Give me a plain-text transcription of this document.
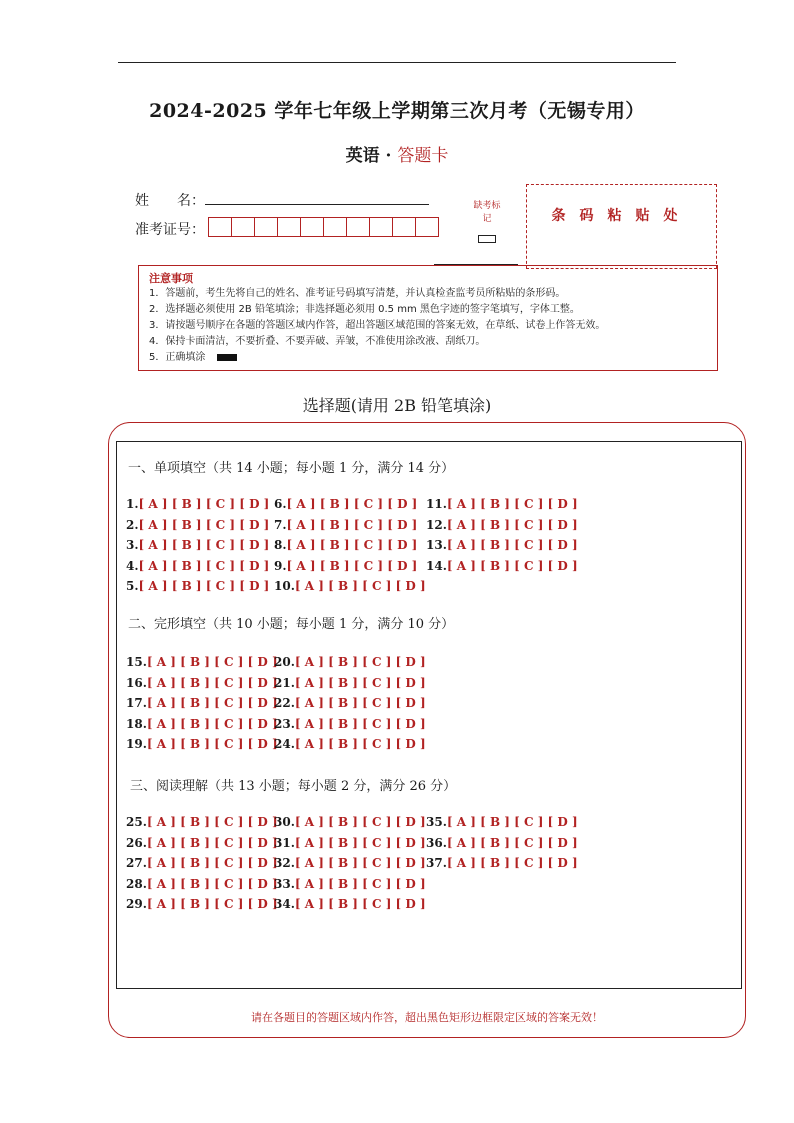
2024-2025 学年七年级上学期第三次月考（无锡专用）
英语 · 答题卡
姓　　名：
准考证号：
缺考标记	条码粘贴处
注意事项
1．答题前，考生先将自己的姓名、准考证号码填写清楚，并认真检查监考员所粘贴的条形码。
2．选择题必须使用 2B 铅笔填涂；非选择题必须用 0.5 mm 黑色字迹的签字笔填写，字体工整。
3．请按题号顺序在各题的答题区域内作答，超出答题区域范围的答案无效，在草纸、试卷上作答无效。
4．保持卡面清洁，不要折叠、不要弄破、弄皱，不准使用涂改液、刮纸刀。
5．正确填涂
选择题(请用 2B 铅笔填涂)
一、单项填空（共 14 小题；每小题 1 分，满分 14 分）
二、完形填空（共 10 小题；每小题 1 分，满分 10 分）
三、阅读理解（共 13 小题；每小题 2 分，满分 26 分）
1.[ A ] [ B ] [ C ] [ D ]
2.[ A ] [ B ] [ C ] [ D ]
3.[ A ] [ B ] [ C ] [ D ]
4.[ A ] [ B ] [ C ] [ D ]
5.[ A ] [ B ] [ C ] [ D ]
6.[ A ] [ B ] [ C ] [ D ]
7.[ A ] [ B ] [ C ] [ D ]
8.[ A ] [ B ] [ C ] [ D ]
9.[ A ] [ B ] [ C ] [ D ]
10.[ A ] [ B ] [ C ] [ D ]
11.[ A ] [ B ] [ C ] [ D ]
12.[ A ] [ B ] [ C ] [ D ]
13.[ A ] [ B ] [ C ] [ D ]
14.[ A ] [ B ] [ C ] [ D ]
15.[ A ] [ B ] [ C ] [ D ]
16.[ A ] [ B ] [ C ] [ D ]
17.[ A ] [ B ] [ C ] [ D ]
18.[ A ] [ B ] [ C ] [ D ]
19.[ A ] [ B ] [ C ] [ D ]
20.[ A ] [ B ] [ C ] [ D ]
21.[ A ] [ B ] [ C ] [ D ]
22.[ A ] [ B ] [ C ] [ D ]
23.[ A ] [ B ] [ C ] [ D ]
24.[ A ] [ B ] [ C ] [ D ]
25.[ A ] [ B ] [ C ] [ D ]
26.[ A ] [ B ] [ C ] [ D ]
27.[ A ] [ B ] [ C ] [ D ]
28.[ A ] [ B ] [ C ] [ D ]
29.[ A ] [ B ] [ C ] [ D ]
30.[ A ] [ B ] [ C ] [ D ]
31.[ A ] [ B ] [ C ] [ D ]
32.[ A ] [ B ] [ C ] [ D ]
33.[ A ] [ B ] [ C ] [ D ]
34.[ A ] [ B ] [ C ] [ D ]
35.[ A ] [ B ] [ C ] [ D ]
36.[ A ] [ B ] [ C ] [ D ]
37.[ A ] [ B ] [ C ] [ D ]
请在各题目的答题区域内作答，超出黑色矩形边框限定区域的答案无效！
